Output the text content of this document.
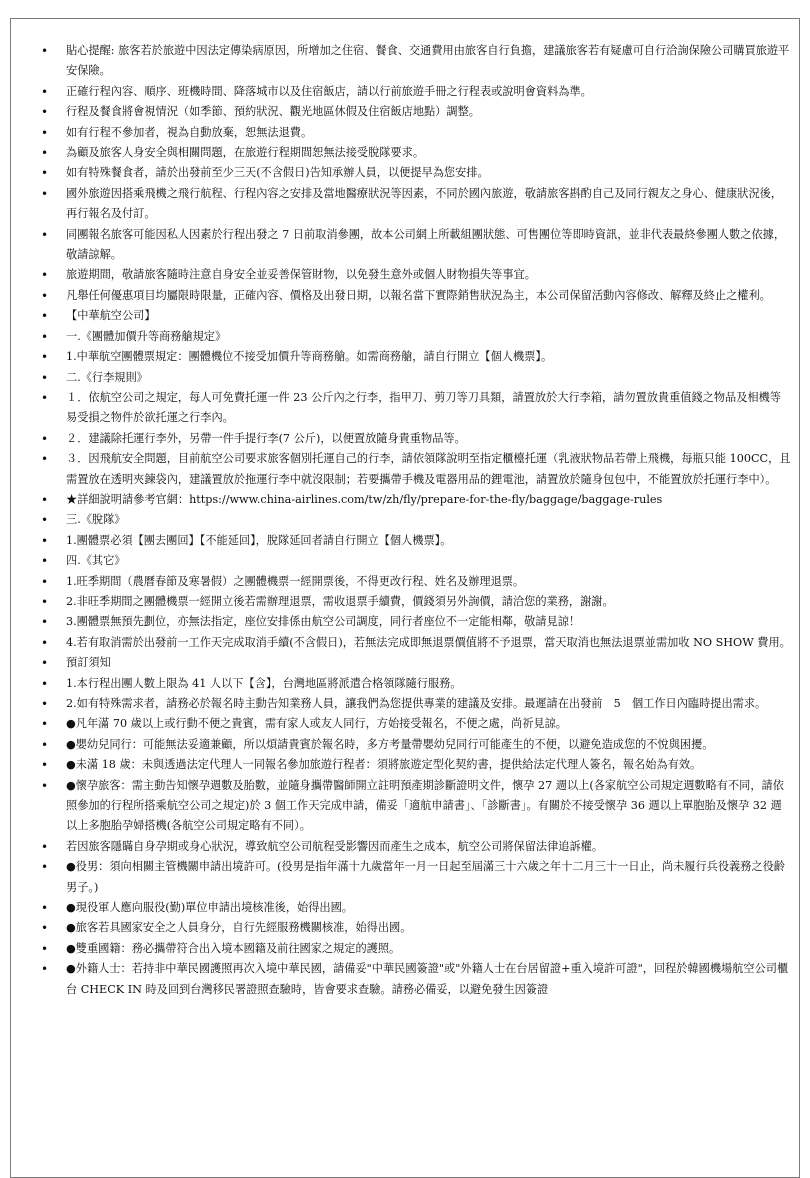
• 貼心提醒: 旅客若於旅遊中因法定傳染病原因，所增加之住宿、餐食、交通費用由旅客自行負擔，建議旅客若有疑慮可自行洽詢保險公司購買旅遊平安保險。
• 正確行程內容、順序、班機時間、降落城市以及住宿飯店，請以行前旅遊手冊之行程表或說明會資料為準。
• 行程及餐食將會視情況（如季節、預約狀況、觀光地區休假及住宿飯店地點）調整。
• 如有行程不參加者，視為自動放棄，恕無法退費。
• 為顧及旅客人身安全與相關問題，在旅遊行程期間恕無法接受脫隊要求。
• 如有特殊餐食者，請於出發前至少三天(不含假日)告知承辦人員，以便提早為您安排。
• 國外旅遊因搭乘飛機之飛行航程、行程內容之安排及當地醫療狀況等因素，不同於國內旅遊，敬請旅客斟酌自己及同行親友之身心、健康狀況後，再行報名及付訂。
• 同團報名旅客可能因私人因素於行程出發之 7 日前取消參團，故本公司網上所載組團狀態、可售團位等即時資訊，並非代表最終參團人數之依據，敬請諒解。
• 旅遊期間，敬請旅客隨時注意自身安全並妥善保管財物，以免發生意外或個人財物損失等事宜。
• 凡舉任何優惠項目均屬限時限量，正確內容、價格及出發日期，以報名當下實際銷售狀況為主，本公司保留活動內容修改、解釋及終止之權利。
• 【中華航空公司】
• 一.《團體加價升等商務艙規定》
• 1.中華航空團體票規定：團體機位不接受加價升等商務艙。如需商務艙，請自行開立【個人機票】。
• 二.《行李規則》
• １．依航空公司之規定，每人可免費托運一件 23 公斤內之行李，指甲刀、剪刀等刀具類，請置放於大行李箱，請勿置放貴重值錢之物品及相機等易受損之物件於欲托運之行李內。
• ２．建議除托運行李外，另帶一件手提行李(7 公斤)，以便置放隨身貴重物品等。
• ３．因飛航安全問題，目前航空公司要求旅客個別托運自己的行李，請依領隊說明至指定櫃檯托運（乳液狀物品若帶上飛機，每瓶只能 100CC，且需置放在透明夾鍊袋內，建議置放於拖運行李中就沒限制；若要攜帶手機及電器用品的鋰電池，請置放於隨身包包中，不能置放於托運行李中）。
• ★詳細說明請參考官網：https://www.china-airlines.com/tw/zh/fly/prepare-for-the-fly/baggage/baggage-rules
• 三.《脫隊》
• 1.團體票必須【團去團回】【不能延回】，脫隊延回者請自行開立【個人機票】。
• 四.《其它》
• 1.旺季期間（農曆春節及寒暑假）之團體機票一經開票後，不得更改行程、姓名及辦理退票。
• 2.非旺季期間之團體機票一經開立後若需辦理退票，需收退票手續費，價錢須另外詢價，請洽您的業務，謝謝。
• 3.團體票無預先劃位，亦無法指定，座位安排係由航空公司調度，同行者座位不一定能相鄰，敬請見諒！
• 4.若有取消需於出發前一工作天完成取消手續(不含假日)，若無法完成即無退票價值將不予退票，當天取消也無法退票並需加收 NO SHOW 費用。
• 預訂須知
• 1.本行程出團人數上限為 41 人以下【含】，台灣地區將派遣合格領隊隨行服務。
• 2.如有特殊需求者，請務必於報名時主動告知業務人員，讓我們為您提供專業的建議及安排。最遲請在出發前　5　個工作日內臨時提出需求。
• ●凡年滿 70 歲以上或行動不便之貴賓，需有家人或友人同行，方始接受報名，不便之處，尚祈見諒。
• ●嬰幼兒同行：可能無法妥適兼顧，所以煩請貴賓於報名時，多方考量帶嬰幼兒同行可能產生的不便，以避免造成您的不悅與困擾。
• ●未滿 18 歲：未與透過法定代理人一同報名參加旅遊行程者：須將旅遊定型化契約書，提供給法定代理人簽名，報名始為有效。
• ●懷孕旅客：需主動告知懷孕週數及胎數，並隨身攜帶醫師開立註明預產期診斷證明文件，懷孕 27 週以上(各家航空公司規定週數略有不同，請依照參加的行程所搭乘航空公司之規定)於 3 個工作天完成申請，備妥「適航申請書」、「診斷書」。有關於不接受懷孕 36 週以上單胞胎及懷孕 32 週以上多胞胎孕婦搭機(各航空公司規定略有不同）。
• 若因旅客隱瞞自身孕期或身心狀況，導致航空公司航程受影響因而產生之成本，航空公司將保留法律追訴權。
• ●役男：須向相關主管機關申請出境許可。(役男是指年滿十九歲當年一月一日起至屆滿三十六歲之年十二月三十一日止，尚未履行兵役義務之役齡男子。)
• ●現役軍人應向服役(勤)單位申請出境核准後，始得出國。
• ●旅客若具國家安全之人員身分，自行先經服務機關核准，始得出國。
• ●雙重國籍：務必攜帶符合出入境本國籍及前往國家之規定的護照。
• ●外籍人士：若持非中華民國護照再次入境中華民國，請備妥"中華民國簽證"或"外籍人士在台居留證+重入境許可證"，回程於韓國機場航空公司櫃台 CHECK IN 時及回到台灣移民署證照查驗時，皆會要求查驗。請務必備妥，以避免發生因簽證
